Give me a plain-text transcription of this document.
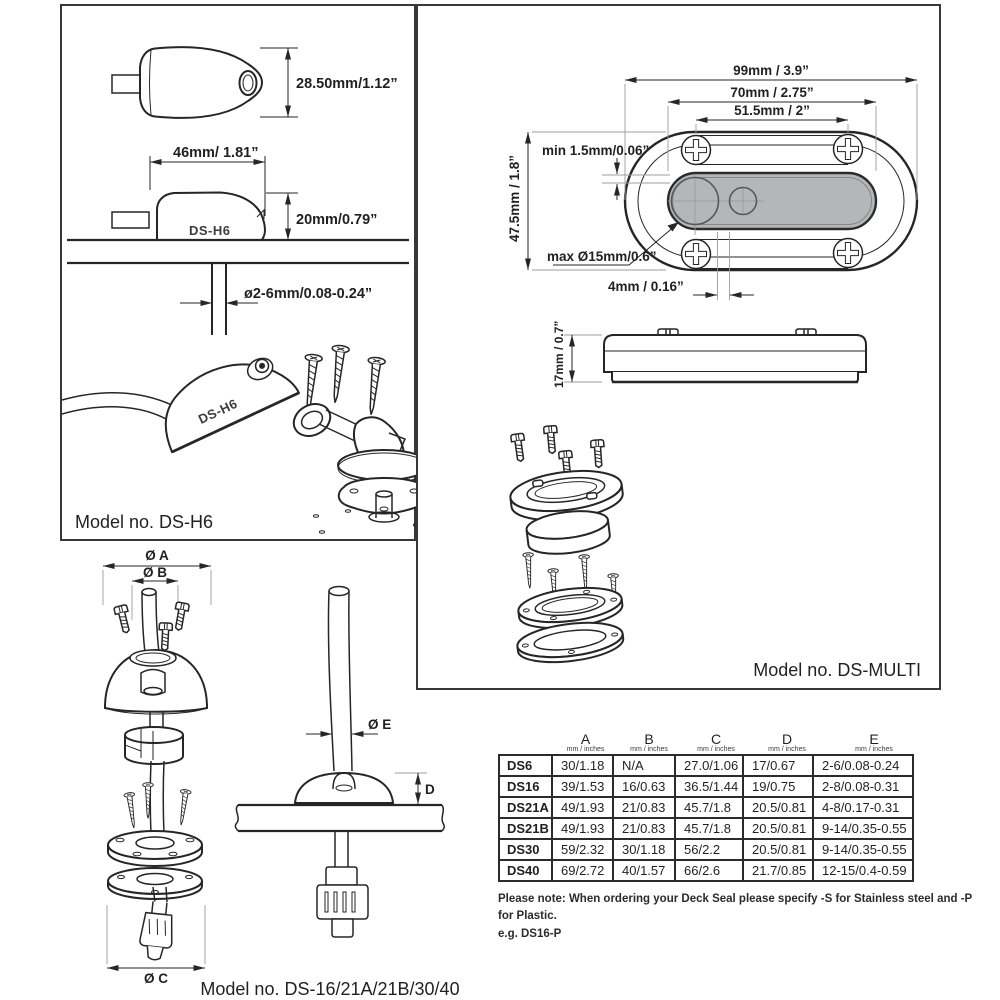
28.50mm/1.12”
DS-H6
46mm/ 1.81”
20mm/0.79”
ø2-6mm/0.08-0.24”
DS-H6
Model no. DS-H6
99mm / 3.9”
70mm / 2.75”
51.5mm / 2”
47.5mm / 1.8”
min 1.5mm/0.06”
max Ø15mm/0.6”
4mm / 0.16”
17mm / 0.7”
Model no. DS-MULTI
Ø A
Ø B
Ø C
Ø E
D
Model no. DS-16/21A/21B/30/40
A
mm / inches
B
mm / inches
C
mm / inches
D
mm / inches
E
mm / inches
DS6	30/1.18	N/A	27.0/1.06	17/0.67	2-6/0.08-0.24
DS16	39/1.53	16/0.63	36.5/1.44	19/0.75	2-8/0.08-0.31
DS21A	49/1.93	21/0.83	45.7/1.8	20.5/0.81	4-8/0.17-0.31
DS21B	49/1.93	21/0.83	45.7/1.8	20.5/0.81	9-14/0.35-0.55
DS30	59/2.32	30/1.18	56/2.2	20.5/0.81	9-14/0.35-0.55
DS40	69/2.72	40/1.57	66/2.6	21.7/0.85	12-15/0.4-0.59
Please note: When ordering your Deck Seal please specify -S for Stainless steel and -P for Plastic.
e.g. DS16-P
